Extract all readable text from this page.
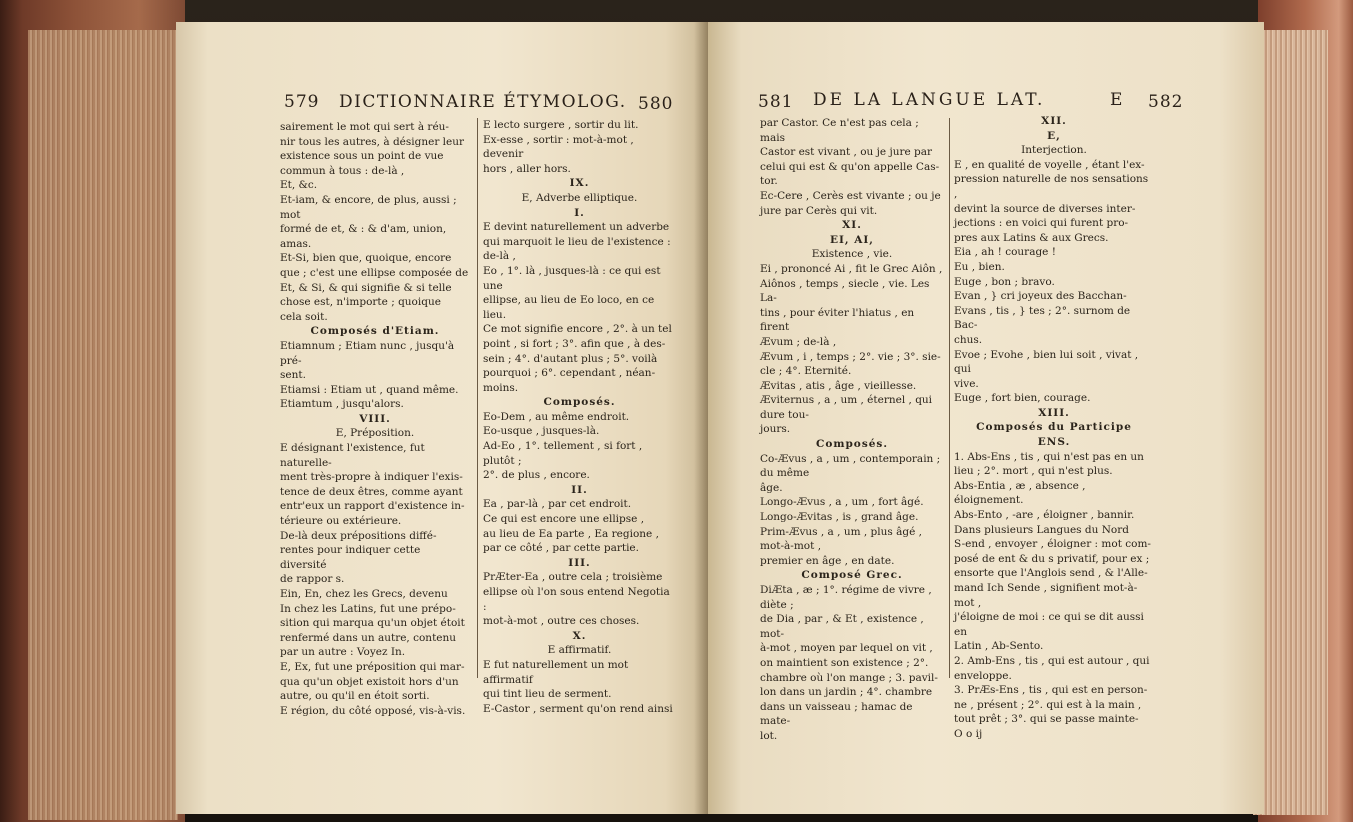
579 DICTIONNAIRE ÉTYMOLOG. 580

sairement le mot qui sert à réu-

nir tous les autres, à désigner leur

existence sous un point de vue

commun à tous : de-là ,

Et, &c.

Et-iam, & encore, de plus, aussi ; mot

formé de et, & : & d'am, union, amas.

Et-Si, bien que, quoique, encore

que ; c'est une ellipse composée de

Et, & Si, & qui signifie & si telle

chose est, n'importe ; quoique

cela soit.

Composés d'Etiam.

Etiamnum ; Etiam nunc , jusqu'à pré-

sent.

Etiamsi : Etiam ut , quand même.

Etiamtum , jusqu'alors.

VIII.

E, Préposition.

E désignant l'existence, fut naturelle-

ment très-propre à indiquer l'exis-

tence de deux êtres, comme ayant

entr'eux un rapport d'existence in-

térieure ou extérieure.

De-là deux prépositions diffé-

rentes pour indiquer cette diversité

de rappor s.

Ein, En, chez les Grecs, devenu

In chez les Latins, fut une prépo-

sition qui marqua qu'un objet étoit

renfermé dans un autre, contenu

par un autre : Voyez In.

E, Ex, fut une préposition qui mar-

qua qu'un objet existoit hors d'un

autre, ou qu'il en étoit sorti.

E région, du côté opposé, vis-à-vis.

E lecto surgere , sortir du lit.

Ex-esse , sortir : mot-à-mot , devenir

hors , aller hors.

IX.

E, Adverbe elliptique.

I.

E devint naturellement un adverbe

qui marquoit le lieu de l'existence :

de-là ,

Eo , 1°. là , jusques-là : ce qui est une

ellipse, au lieu de Eo loco, en ce lieu.

Ce mot signifie encore , 2°. à un tel

point , si fort ; 3°. afin que , à des-

sein ; 4°. d'autant plus ; 5°. voilà

pourquoi ; 6°. cependant , néan-

moins.

Composés.

Eo-Dem , au même endroit.

Eo-usque , jusques-là.

Ad-Eo , 1°. tellement , si fort , plutôt ;

2°. de plus , encore.

II.

Ea , par-là , par cet endroit.

Ce qui est encore une ellipse ,

au lieu de Ea parte , Ea regione ,

par ce côté , par cette partie.

III.

PrÆter-Ea , outre cela ; troisième

ellipse où l'on sous entend Negotia :

mot-à-mot , outre ces choses.

X.

E affirmatif.

E fut naturellement un mot affirmatif

qui tint lieu de serment.

E-Castor , serment qu'on rend ainsi

581 DE LA LANGUE LAT.	E 582

par Castor. Ce n'est pas cela ; mais

Castor est vivant , ou je jure par

celui qui est & qu'on appelle Cas-

tor.

Ec-Cere , Cerès est vivante ; ou je

jure par Cerès qui vit.

XI.

EI, AI,

Existence , vie.

Ei , prononcé Ai , fit le Grec Aiôn ,

Aiônos , temps , siecle , vie. Les La-

tins , pour éviter l'hiatus , en firent

Ævum ; de-là ,

Ævum , i , temps ; 2°. vie ; 3°. sie-

cle ; 4°. Eternité.

Ævitas , atis , âge , vieillesse.

Æviternus , a , um , éternel , qui dure tou-

jours.

Composés.

Co-Ævus , a , um , contemporain ; du même

âge.

Longo-Ævus , a , um , fort âgé.

Longo-Ævitas , is , grand âge.

Prim-Ævus , a , um , plus âgé , mot-à-mot ,

premier en âge , en date.

Composé Grec.

DiÆta , æ ; 1°. régime de vivre , diète ;

de Dia , par , & Et , existence , mot-

à-mot , moyen par lequel on vit ,

on maintient son existence ; 2°.

chambre où l'on mange ; 3. pavil-

lon dans un jardin ; 4°. chambre

dans un vaisseau ; hamac de mate-

lot.

XII.

E,

Interjection.

E , en qualité de voyelle , étant l'ex-

pression naturelle de nos sensations ,

devint la source de diverses inter-

jections : en voici qui furent pro-

pres aux Latins & aux Grecs.

Eia , ah ! courage !

Eu , bien.

Euge , bon ; bravo.

Evan , } cri joyeux des Bacchan-

Evans , tis , } tes ; 2°. surnom de Bac-

chus.

Evoe ; Evohe , bien lui soit , vivat , qui

vive.

Euge , fort bien, courage.

XIII.

Composés du Participe

ENS.

1. Abs-Ens , tis , qui n'est pas en un

lieu ; 2°. mort , qui n'est plus.

Abs-Entia , æ , absence , éloignement.

Abs-Ento , -are , éloigner , bannir.

Dans plusieurs Langues du Nord

S-end , envoyer , éloigner : mot com-

posé de ent & du s privatif, pour ex ;

ensorte que l'Anglois send , & l'Alle-

mand Ich Sende , signifient mot-à-mot ,

j'éloigne de moi : ce qui se dit aussi en

Latin , Ab-Sento.

2. Amb-Ens , tis , qui est autour , qui

enveloppe.

3. PrÆs-Ens , tis , qui est en person-

ne , présent ; 2°. qui est à la main ,

tout prêt ; 3°. qui se passe mainte-

O o ij
